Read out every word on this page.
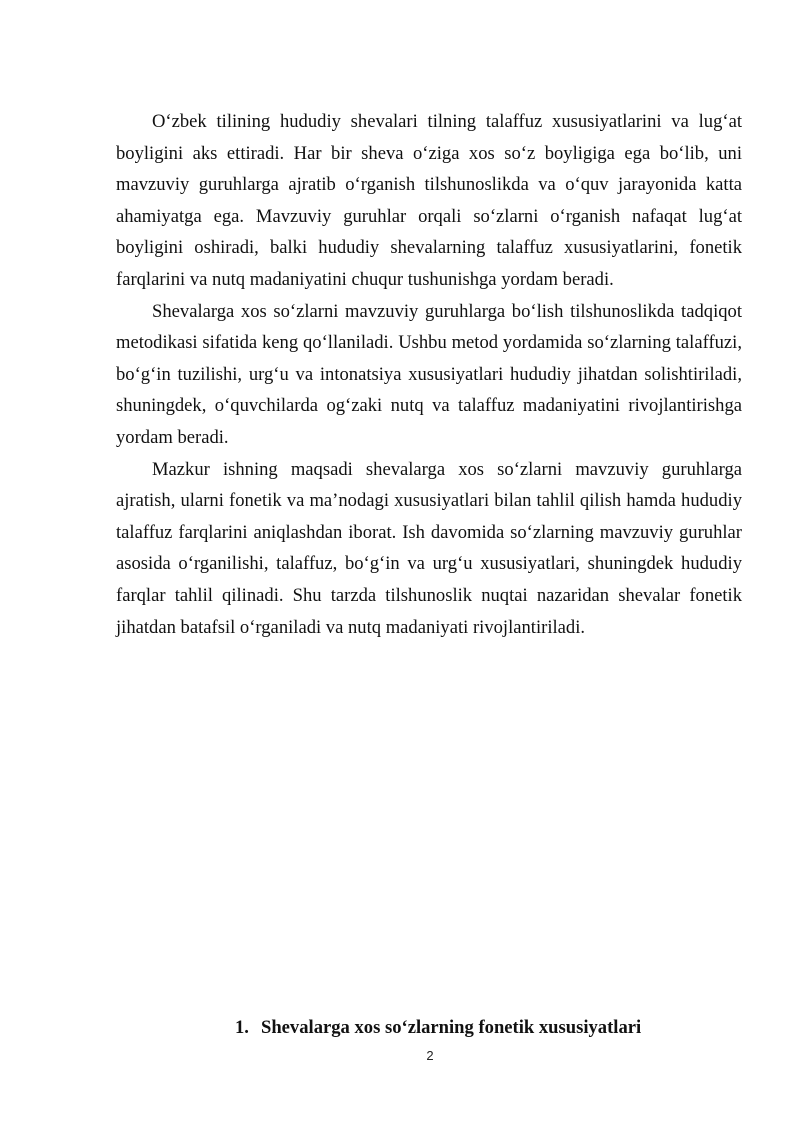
O‘zbek tilining hududiy shevalari tilning talaffuz xususiyatlarini va lug‘at boyligini aks ettiradi. Har bir sheva o‘ziga xos so‘z boyligiga ega bo‘lib, uni mavzuviy guruhlarga ajratib o‘rganish tilshunoslikda va o‘quv jarayonida katta ahamiyatga ega. Mavzuviy guruhlar orqali so‘zlarni o‘rganish nafaqat lug‘at boyligini oshiradi, balki hududiy shevalarning talaffuz xususiyatlarini, fonetik farqlarini va nutq madaniyatini chuqur tushunishga yordam beradi.

Shevalarga xos so‘zlarni mavzuviy guruhlarga bo‘lish tilshunoslikda tadqiqot metodikasi sifatida keng qo‘llaniladi. Ushbu metod yordamida so‘zlarning talaffuzi, bo‘g‘in tuzilishi, urg‘u va intonatsiya xususiyatlari hududiy jihatdan solishtiriladi, shuningdek, o‘quvchilarda og‘zaki nutq va talaffuz madaniyatini rivojlantirishga yordam beradi.

Mazkur ishning maqsadi shevalarga xos so‘zlarni mavzuviy guruhlarga ajratish, ularni fonetik va ma’nodagi xususiyatlari bilan tahlil qilish hamda hududiy talaffuz farqlarini aniqlashdan iborat. Ish davomida so‘zlarning mavzuviy guruhlar asosida o‘rganilishi, talaffuz, bo‘g‘in va urg‘u xususiyatlari, shuningdek hududiy farqlar tahlil qilinadi. Shu tarzda tilshunoslik nuqtai nazaridan shevalar fonetik jihatdan batafsil o‘rganiladi va nutq madaniyati rivojlantiriladi.

1. Shevalarga xos so‘zlarning fonetik xususiyatlari
2
